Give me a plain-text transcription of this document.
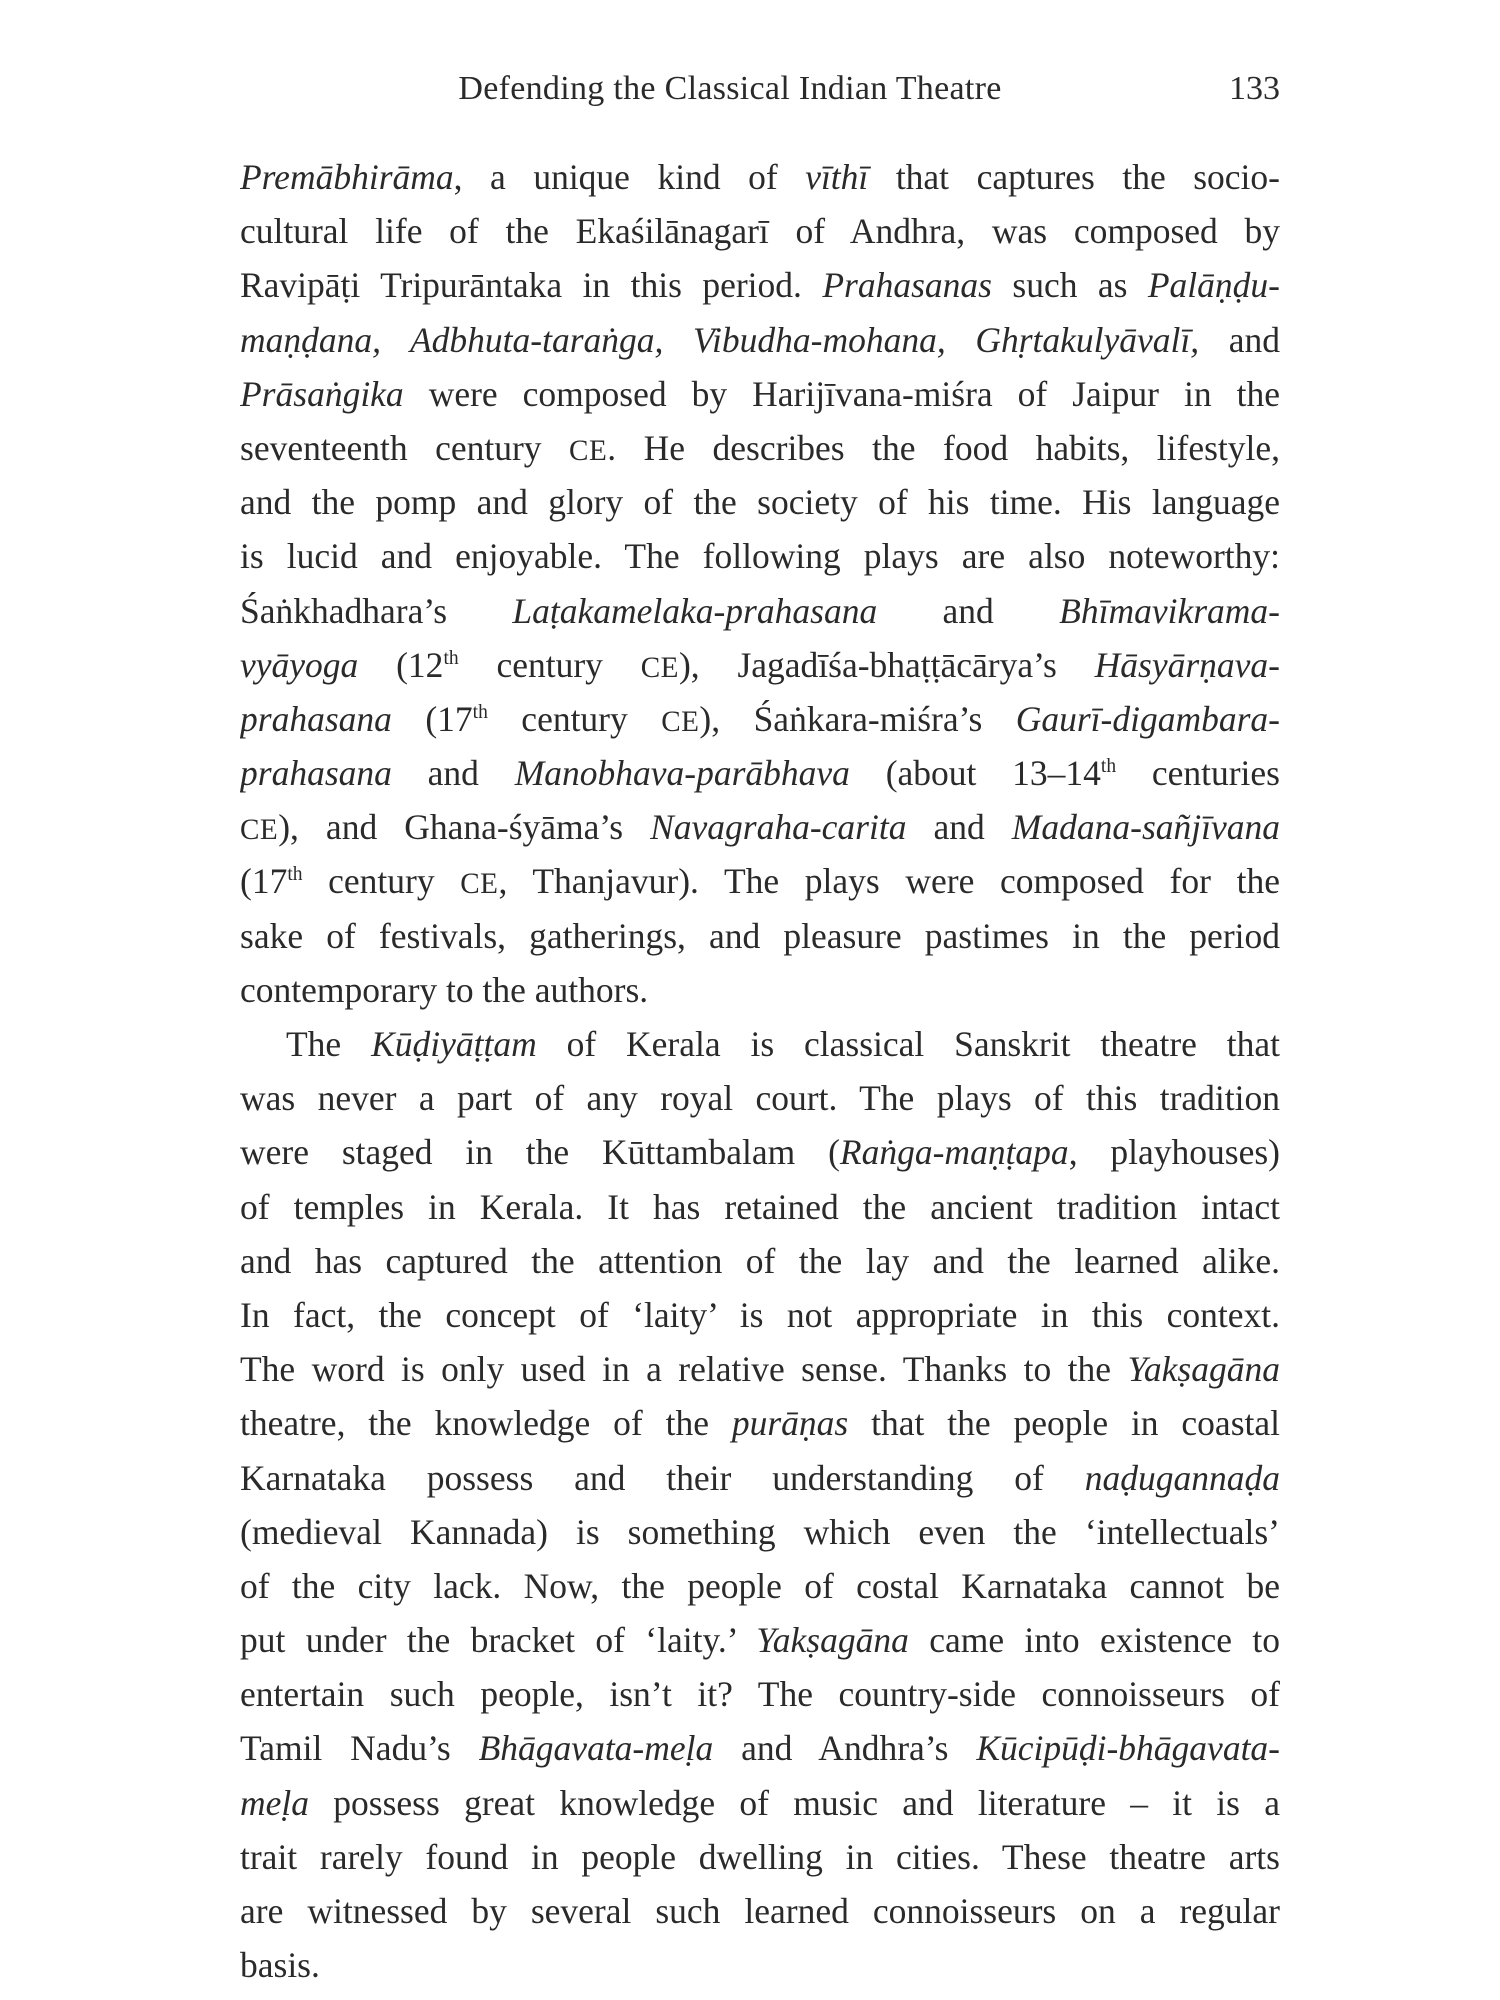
Defending the Classical Indian Theatre	133
Premābhirāma, a unique kind of vīthī that captures the socio-
cultural life of the Ekaśilānagarī of Andhra, was composed by
Ravipāṭi Tripurāntaka in this period. Prahasanas such as Palāṇḍu-
maṇḍana, Adbhuta-taraṅga, Vibudha-mohana, Ghṛtakulyāvalī, and
Prāsaṅgika were composed by Harijīvana-miśra of Jaipur in the
seventeenth century CE. He describes the food habits, lifestyle,
and the pomp and glory of the society of his time. His language
is lucid and enjoyable. The following plays are also noteworthy:
Śaṅkhadhara’s Laṭakamelaka-prahasana and Bhīmavikrama-
vyāyoga (12th century CE), Jagadīśa-bhaṭṭācārya’s Hāsyārṇava-
prahasana (17th century CE), Śaṅkara-miśra’s Gaurī-digambara-
prahasana and Manobhava-parābhava (about 13–14th centuries
CE), and Ghana-śyāma’s Navagraha-carita and Madana-sañjīvana
(17th century CE, Thanjavur). The plays were composed for the
sake of festivals, gatherings, and pleasure pastimes in the period
contemporary to the authors.
The Kūḍiyāṭṭam of Kerala is classical Sanskrit theatre that
was never a part of any royal court. The plays of this tradition
were staged in the Kūttambalam (Raṅga-maṇṭapa, playhouses)
of temples in Kerala. It has retained the ancient tradition intact
and has captured the attention of the lay and the learned alike.
In fact, the concept of ‘laity’ is not appropriate in this context.
The word is only used in a relative sense. Thanks to the Yakṣagāna
theatre, the knowledge of the purāṇas that the people in coastal
Karnataka possess and their understanding of naḍugannaḍa
(medieval Kannada) is something which even the ‘intellectuals’
of the city lack. Now, the people of costal Karnataka cannot be
put under the bracket of ‘laity.’ Yakṣagāna came into existence to
entertain such people, isn’t it? The country-side connoisseurs of
Tamil Nadu’s Bhāgavata-meḷa and Andhra’s Kūcipūḍi-bhāgavata-
meḷa possess great knowledge of music and literature – it is a
trait rarely found in people dwelling in cities. These theatre arts
are witnessed by several such learned connoisseurs on a regular
basis.
